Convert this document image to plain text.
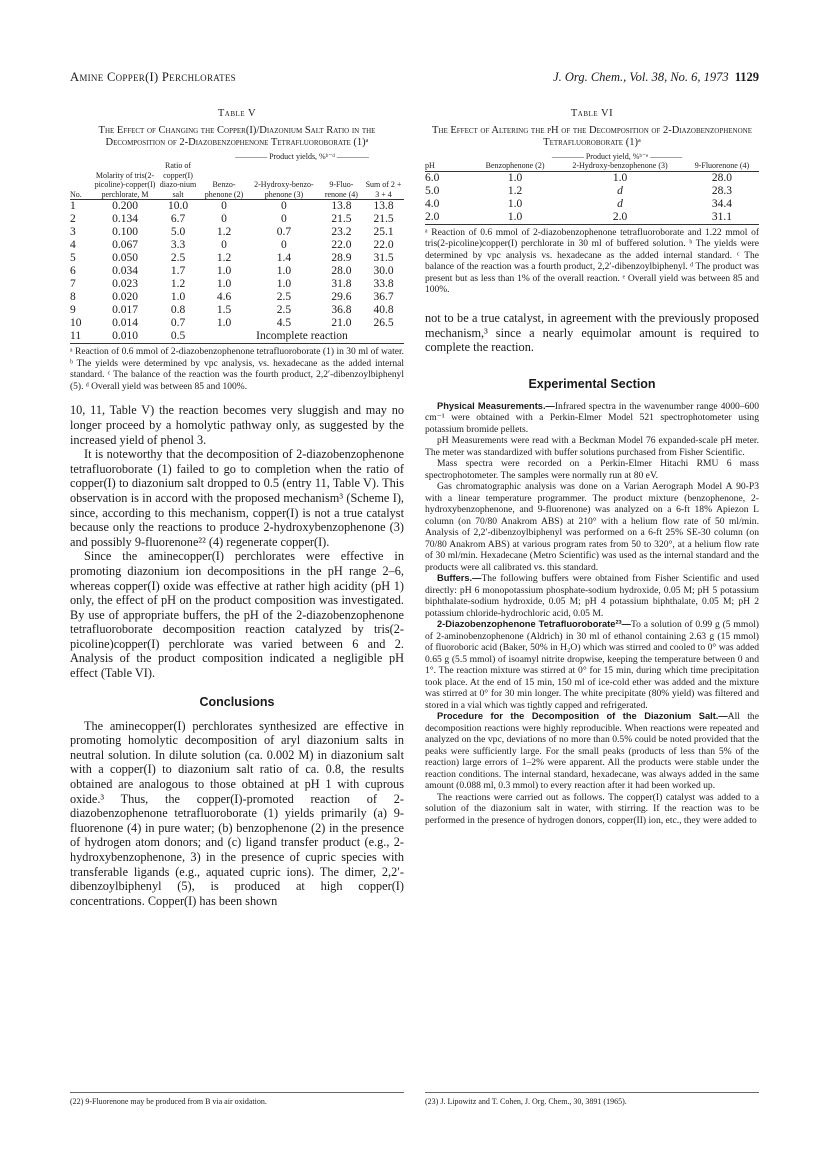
Amine Copper(I) Perchlorates	J. Org. Chem., Vol. 38, No. 6, 1973 1129
Table V
The Effect of Changing the Copper(I)/Diazonium Salt Ratio in the Decomposition of 2-Diazobenzophenone Tetrafluoroborate (1)ᵃ
			———— Product yields, %ᵇ⁻ᵈ ————			
No.	Molarity of tris(2-picoline)-copper(I) perchlorate, M	Ratio of copper(I) diazo-nium salt	Benzo-phenone (2)	2-Hydroxy-benzo-phenone (3)	9-Fluo-renone (4)	Sum of 2 + 3 + 4
1	0.200	10.0	0	0	13.8	13.8
2	0.134	6.7	0	0	21.5	21.5
3	0.100	5.0	1.2	0.7	23.2	25.1
4	0.067	3.3	0	0	22.0	22.0
5	0.050	2.5	1.2	1.4	28.9	31.5
6	0.034	1.7	1.0	1.0	28.0	30.0
7	0.023	1.2	1.0	1.0	31.8	33.8
8	0.020	1.0	4.6	2.5	29.6	36.7
9	0.017	0.8	1.5	2.5	36.8	40.8
10	0.014	0.7	1.0	4.5	21.0	26.5
11	0.010	0.5	Incomplete reaction			
ᵃ Reaction of 0.6 mmol of 2-diazobenzophenone tetrafluoroborate (1) in 30 ml of water. ᵇ The yields were determined by vpc analysis, vs. hexadecane as the added internal standard. ᶜ The balance of the reaction was the fourth product, 2,2′-dibenzoylbiphenyl (5). ᵈ Overall yield was between 85 and 100%.

10, 11, Table V) the reaction becomes very sluggish and may no longer proceed by a homolytic pathway only, as suggested by the increased yield of phenol 3.

It is noteworthy that the decomposition of 2-diazobenzophenone tetrafluoroborate (1) failed to go to completion when the ratio of copper(I) to diazonium salt dropped to 0.5 (entry 11, Table V). This observation is in accord with the proposed mechanism³ (Scheme I), since, according to this mechanism, copper(I) is not a true catalyst because only the reactions to produce 2-hydroxybenzophenone (3) and possibly 9-fluorenone²² (4) regenerate copper(I).

Since the aminecopper(I) perchlorates were effective in promoting diazonium ion decompositions in the pH range 2–6, whereas copper(I) oxide was effective at rather high acidity (pH 1) only, the effect of pH on the product composition was investigated. By use of appropriate buffers, the pH of the 2-diazobenzophenone tetrafluoroborate decomposition reaction catalyzed by tris(2-picoline)copper(I) perchlorate was varied between 6 and 2. Analysis of the product composition indicated a negligible pH effect (Table VI).

Conclusions

The aminecopper(I) perchlorates synthesized are effective in promoting homolytic decomposition of aryl diazonium salts in neutral solution. In dilute solution (ca. 0.002 M) in diazonium salt with a copper(I) to diazonium salt ratio of ca. 0.8, the results obtained are analogous to those obtained at pH 1 with cuprous oxide.³ Thus, the copper(I)-promoted reaction of 2-diazobenzophenone tetrafluoroborate (1) yields primarily (a) 9-fluorenone (4) in pure water; (b) benzophenone (2) in the presence of hydrogen atom donors; and (c) ligand transfer product (e.g., 2-hydroxybenzophenone, 3) in the presence of cupric species with transferable ligands (e.g., aquated cupric ions). The dimer, 2,2′-dibenzoylbiphenyl (5), is produced at high copper(I) concentrations. Copper(I) has been shown

Table VI
The Effect of Altering the pH of the Decomposition of 2-Diazobenzophenone Tetrafluoroborate (1)ᵃ
	———— Product yield, %ᵇ⁻ᵉ ————		
pH	Benzophenone (2)	2-Hydroxy-benzophenone (3)	9-Fluorenone (4)
6.0	1.0	1.0	28.0
5.0	1.2	d	28.3
4.0	1.0	d	34.4
2.0	1.0	2.0	31.1
ᵃ Reaction of 0.6 mmol of 2-diazobenzophenone tetrafluoroborate and 1.22 mmol of tris(2-picoline)copper(I) perchlorate in 30 ml of buffered solution. ᵇ The yields were determined by vpc analysis vs. hexadecane as the added internal standard. ᶜ The balance of the reaction was a fourth product, 2,2′-dibenzoylbiphenyl. ᵈ The product was present but as less than 1% of the overall reaction. ᵉ Overall yield was between 85 and 100%.

not to be a true catalyst, in agreement with the previously proposed mechanism,³ since a nearly equimolar amount is required to complete the reaction.

Experimental Section

Physical Measurements.—Infrared spectra in the wavenumber range 4000–600 cm⁻¹ were obtained with a Perkin-Elmer Model 521 spectrophotometer using potassium bromide pellets.

pH Measurements were read with a Beckman Model 76 expanded-scale pH meter. The meter was standardized with buffer solutions purchased from Fisher Scientific.

Mass spectra were recorded on a Perkin-Elmer Hitachi RMU 6 mass spectrophotometer. The samples were normally run at 80 eV.

Gas chromatographic analysis was done on a Varian Aerograph Model A 90-P3 with a linear temperature programmer. The product mixture (benzophenone, 2-hydroxybenzophenone, and 9-fluorenone) was analyzed on a 6-ft 18% Apiezon L column (on 70/80 Anakrom ABS) at 210° with a helium flow rate of 50 ml/min. Analysis of 2,2′-dibenzoylbiphenyl was performed on a 6-ft 25% SE-30 column (on 70/80 Anakrom ABS) at various program rates from 50 to 320°, at a helium flow rate of 30 ml/min. Hexadecane (Metro Scientific) was used as the internal standard and the products were all calibrated vs. this standard.

Buffers.—The following buffers were obtained from Fisher Scientific and used directly: pH 6 monopotassium phosphate-sodium hydroxide, 0.05 M; pH 5 potassium biphthalate-sodium hydroxide, 0.05 M; pH 4 potassium biphthalate, 0.05 M; pH 2 potassium chloride-hydrochloric acid, 0.05 M.

2-Diazobenzophenone Tetrafluoroborate²³—To a solution of 0.99 g (5 mmol) of 2-aminobenzophenone (Aldrich) in 30 ml of ethanol containing 2.63 g (15 mmol) of fluoroboric acid (Baker, 50% in H₂O) which was stirred and cooled to 0° was added 0.65 g (5.5 mmol) of isoamyl nitrite dropwise, keeping the temperature between 0 and 1°. The reaction mixture was stirred at 0° for 15 min, during which time precipitation took place. At the end of 15 min, 150 ml of ice-cold ether was added and the mixture was stirred at 0° for 30 min longer. The white precipitate (80% yield) was filtered and stored in a vial which was tightly capped and refrigerated.

Procedure for the Decomposition of the Diazonium Salt.—All the decomposition reactions were highly reproducible. When reactions were repeated and analyzed on the vpc, deviations of no more than 0.5% could be noted provided that the peaks were sufficiently large. For the small peaks (products of less than 5% of the reaction) large errors of 1–2% were apparent. All the products were stable under the reaction conditions. The internal standard, hexadecane, was always added in the same amount (0.088 ml, 0.3 mmol) to every reaction after it had been worked up.

The reactions were carried out as follows. The copper(I) catalyst was added to a solution of the diazonium salt in water, with stirring. If the reaction was to be performed in the presence of hydrogen donors, copper(II) ion, etc., they were added to

(22) 9-Fluorenone may be produced from B via air oxidation.	(23) J. Lipowitz and T. Cohen, J. Org. Chem., 30, 3891 (1965).
